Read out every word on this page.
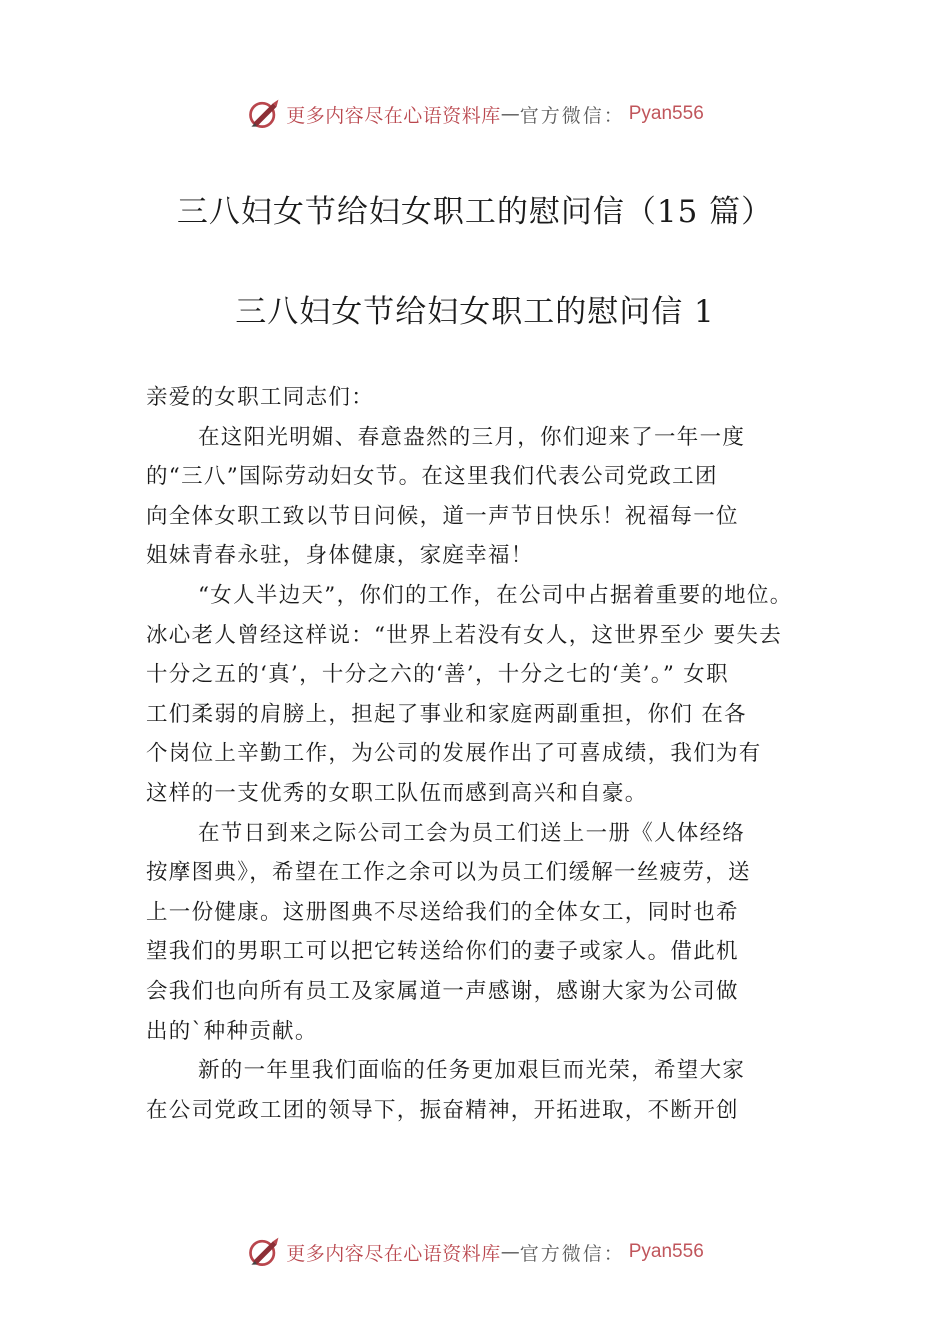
更多内容尽在心语资料库 — 官方微信： Pyan556
三八妇女节给妇女职工的慰问信（15 篇）
三八妇女节给妇女职工的慰问信 1
亲爱的女职工同志们：
在这阳光明媚、春意盎然的三月，你们迎来了一年一度
的“三八”国际劳动妇女节。在这里我们代表公司党政工团
向全体女职工致以节日问候，道一声节日快乐！祝福每一位
姐妹青春永驻，身体健康，家庭幸福！
“女人半边天”，你们的工作，在公司中占据着重要的地位。
冰心老人曾经这样说：“世界上若没有女人，这世界至少 要失去
十分之五的‘真’，十分之六的‘善’，十分之七的‘美’。” 女职
工们柔弱的肩膀上，担起了事业和家庭两副重担，你们 在各
个岗位上辛勤工作，为公司的发展作出了可喜成绩，我们为有
这样的一支优秀的女职工队伍而感到高兴和自豪。
在节日到来之际公司工会为员工们送上一册《人体经络
按摩图典》，希望在工作之余可以为员工们缓解一丝疲劳，送
上一份健康。这册图典不尽送给我们的全体女工，同时也希
望我们的男职工可以把它转送给你们的妻子或家人。借此机
会我们也向所有员工及家属道一声感谢，感谢大家为公司做
出的`种种贡献。
新的一年里我们面临的任务更加艰巨而光荣，希望大家
在公司党政工团的领导下，振奋精神，开拓进取，不断开创
更多内容尽在心语资料库 — 官方微信： Pyan556
